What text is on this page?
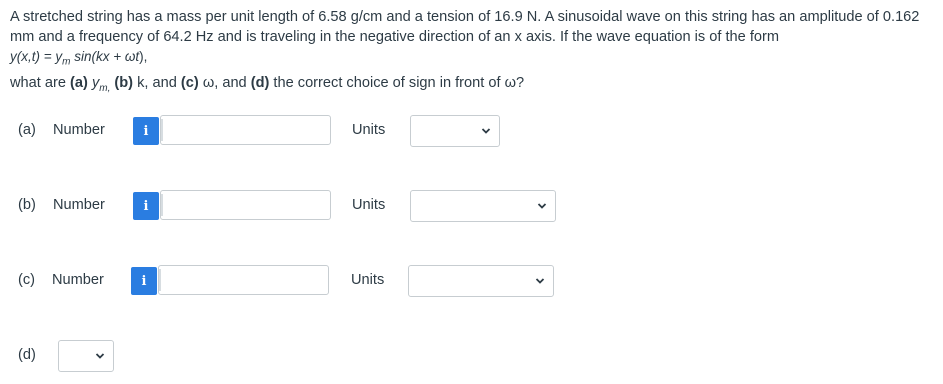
A stretched string has a mass per unit length of 6.58 g/cm and a tension of 16.9 N. A sinusoidal wave on this string has an amplitude of 0.162 mm and a frequency of 64.2 Hz and is traveling in the negative direction of an x axis. If the wave equation is of the form

$y(x,t) = y_m$ sin(kx + ωt),

what are (a) $y_{m,}$ (b) k, and (c) ω, and (d) the correct choice of sign in front of ω?

(a) Number	i	Units
(b) Number	i	Units
(c) Number	i	Units
(d)
